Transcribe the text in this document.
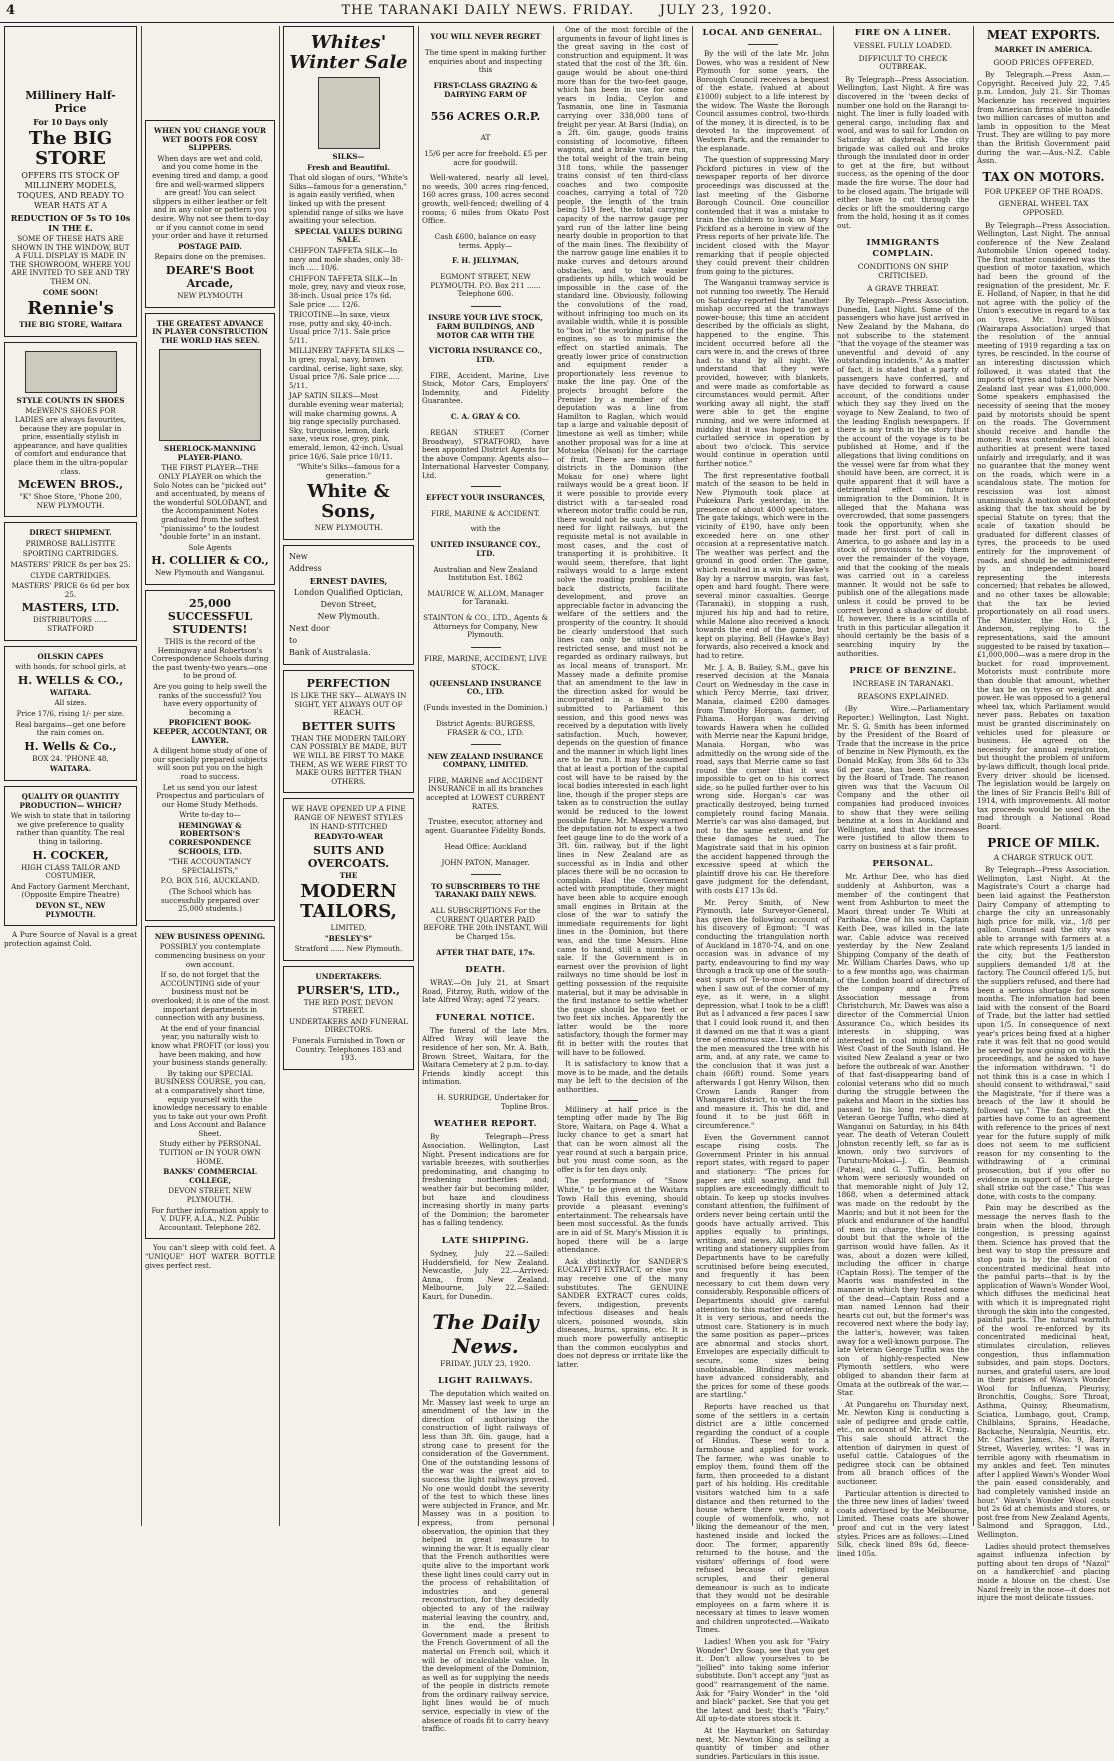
4	THE TARANAKI DAILY NEWS. FRIDAY. JULY 23, 1920.

Millinery Half-Price

For 10 Days only

The BIG STORE

OFFERS ITS STOCK OF MILLINERY MODELS, TOQUES, AND READY TO WEAR HATS AT A

REDUCTION OF 5s TO 10s IN THE £.

SOME OF THESE HATS ARE SHOWN IN THE WINDOW, BUT A FULL DISPLAY IS MADE IN THE SHOWROOM, WHERE YOU ARE INVITED TO SEE AND TRY THEM ON.

COME SOON!

Rennie's

THE BIG STORE, Waitara

STYLE COUNTS IN SHOES

McEWEN'S SHOES FOR LADIES are always favourites, because they are popular in price, essentially stylish in appearance, and have qualities of comfort and endurance that place them in the ultra-popular class.

McEWEN BROS.,

"K" Shoe Store, 'Phone 200, NEW PLYMOUTH.

DIRECT SHIPMENT.

PRIMROSE BALLISTITE

SPORTING CARTRIDGES.

MASTERS' PRICE 8s per box 25.

CLYDE CARTRIDGES.

MASTERS' PRICE 6s 6d per box 25.

MASTERS, LTD.

DISTRIBUTORS ...... STRATFORD

OILSKIN CAPES

with hoods, for school girls, at

H. WELLS & CO.,

WAITARA.

All sizes.

Price 17/6, rising 1/- per size.

Real bargains—get one before the rain comes on.

H. Wells & Co.,

BOX 24. 'PHONE 48,

WAITARA.

QUALITY OR QUANTITY PRODUCTION— WHICH?

We wish to state that in tailoring we give preference to quality rather than quantity. The real thing in tailoring.

H. COCKER,

HIGH CLASS TAILOR AND COSTUMIER,

And Factory Garment Merchant, (Opposite Empire Theatre)

DEVON ST., NEW PLYMOUTH.

A Pure Source of Naval is a great protection against Cold.

WHEN YOU CHANGE YOUR WET BOOTS FOR COSY SLIPPERS.

When days are wet and cold, and you come home in the evening tired and damp, a good fire and well-warmed slippers are great! You can select slippers in either leather or felt and in any color or pattern you desire. Why not see them to-day or if you cannot come in send your order and have it returned

POSTAGE PAID.

Repairs done on the premises.

DEARE'S Boot Arcade,

NEW PLYMOUTH

THE GREATEST ADVANCE IN PLAYER CONSTRUCTION THE WORLD HAS SEEN.

SHERLOCK-MANNING PLAYER-PIANO.

THE FIRST PLAYER—THE ONLY PLAYER on which the Solo Notes can be "picked out" and accentuated, by means of the wonderful SOLODANT, and the Accompaniment Notes graduated from the softest "pianissimo" to the loudest "double forte" in an instant.

Sole Agents

H. COLLIER & CO.,

New Plymouth and Wanganui.

25,000 SUCCESSFUL STUDENTS!

THIS is the record of the Hemingway and Robertson's Correspondence Schools during the past twenty-two years—one to be proud of.

Are you going to help swell the ranks of the successful? You have every opportunity of becoming a

PROFICIENT BOOK-KEEPER, ACCOUNTANT, OR LAWYER.

A diligent home study of one of our specially prepared subjects will soon put you on the high road to success.

Let us send you our latest Prospectus and particulars of our Home Study Methods.

Write to-day to—

HEMINGWAY & ROBERTSON'S CORRESPONDENCE SCHOOLS, LTD.

"THE ACCOUNTANCY SPECIALISTS,"

P.O. BOX 516, AUCKLAND.

(The School which has successfully prepared over 25,000 students.)

NEW BUSINESS OPENING.

POSSIBLY you contemplate commencing business on your own account.

If so, do not forget that the ACCOUNTING side of your business must not be overlooked; it is one of the most important departments in connection with any business.

At the end of your financial year, you naturally wish to know what PROFIT (or loss) you have been making, and how your business stands generally.

By taking our SPECIAL BUSINESS COURSE, you can, at a comparatively short time, equip yourself with the knowledge necessary to enable you to take out your own Profit and Loss Account and Balance Sheet.

Study either by PERSONAL TUITION or IN YOUR OWN HOME.

BANKS' COMMERCIAL COLLEGE,

DEVON STREET, NEW PLYMOUTH.

For further information apply to V. DUFF, A.I.A., N.Z. Public Accountant. Telephone 282.

You can't sleep with cold feet. A "UNIQUE" HOT WATER BOTTLE gives perfect rest.

Whites' Winter Sale

SILKS—

Fresh and Beautiful.

That old slogan of ours, "White's Silks—famous for a generation," is again easily verified, when linked up with the present splendid range of silks we have awaiting your selection.

SPECIAL VALUES DURING SALE.

CHIFFON TAFFETA SILK—In navy and mole shades, only 38-inch ..... 10/6.

CHIFFON TAFFETA SILK—In mole, grey, navy and vieux rose, 38-inch. Usual price 17s 6d. Sale price ..... 12/6.

TRICOTINE—In saxe, vieux rose, putty and sky, 40-inch. Usual price 7/11. Sale price 5/11.

MILLINERY TAFFETA SILKS —In grey, royal, navy, brown cardinal, cerise, light saxe, sky. Usual price 7/6. Sale price ..... 5/11.

JAP SATIN SILKS—Most durable evening wear material; will make charming gowns. A big range specially purchased. Sky, turquoise, lemon, dark saxe, vieux rose, grey, pink, emerald, lemon, 42-inch. Usual price 16/6. Sale price 10/11.

"White's Silks—famous for a generation."

White & Sons,

NEW PLYMOUTH.

New

Address

ERNEST DAVIES,

London Qualified Optician,

Devon Street,

New Plymouth.

Next door

to

Bank of Australasia.

PERFECTION

IS LIKE THE SKY— ALWAYS IN SIGHT, YET ALWAYS OUT OF REACH.

BETTER SUITS

THAN THE MODERN TAILORY CAN POSSIBLY BE MADE, BUT WE WILL BE FIRST TO MAKE THEM, AS WE WERE FIRST TO MAKE OURS BETTER THAN OTHERS.

WE HAVE OPENED UP A FINE RANGE OF NEWEST STYLES IN HAND-STITCHED

READY-TO-WEAR

SUITS AND OVERCOATS.

THE

MODERN TAILORS,

LIMITED,

"BESLEY'S"

Stratford ...... New Plymouth.

UNDERTAKERS.

PURSER'S, LTD.,

THE RED POST, DEVON STREET.

UNDERTAKERS AND FUNERAL DIRECTORS.

Funerals Furnished in Town or Country. Telephones 183 and 193.

YOU WILL NEVER REGRET

The time spent in making further enquiries about and inspecting this

FIRST-CLASS GRAZING & DAIRYING FARM OF

556 ACRES O.R.P.

AT

15/6 per acre for freehold. £5 per acre for goodwill.

Well-watered, nearly all level, no weeds, 300 acres ring-fenced, 160 acres grass, 100 acres second growth, well-fenced; dwelling of 4 rooms; 6 miles from Okato Post Office.

Cash £600, balance on easy terms. Apply—

F. H. JELLYMAN,

EGMONT STREET, NEW PLYMOUTH. P.O. Box 211 ...... Telephone 606.

INSURE YOUR LIVE STOCK, FARM BUILDINGS, AND MOTOR CAR WITH THE

VICTORIA INSURANCE CO., LTD.

FIRE, Accident, Marine, Live Stock, Motor Cars, Employers' Indemnity, and Fidelity Guarantee.

C. A. GRAY & CO.

REGAN STREET (Corner Broadway), STRATFORD, have been appointed District Agents for the above Company. Agents also—International Harvester Company, Ltd.

EFFECT YOUR INSURANCES,

FIRE, MARINE & ACCIDENT.

with the

UNITED INSURANCE COY., LTD.

Australian and New Zealand Institution Est. 1862

MAURICE W. ALLOM, Manager for Taranaki.

STAINTON & CO., LTD., Agents & Attorneys for Company, New Plymouth.

FIRE, MARINE, ACCIDENT, LIVE STOCK.

QUEENSLAND INSURANCE CO., LTD.

(Funds invested in the Dominion.)

District Agents: BURGESS, FRASER & CO., LTD.

NEW ZEALAND INSURANCE COMPANY, LIMITED.

FIRE, MARINE and ACCIDENT INSURANCE in all its branches accepted at LOWEST CURRENT RATES.

Trustee, executor, attorney and agent. Guarantee Fidelity Bonds.

Head Office: Auckland

JOHN PATON, Manager.

TO SUBSCRIBERS TO THE TARANAKI DAILY NEWS.

ALL SUBSCRIPTIONS For the CURRENT QUARTER PAID BEFORE THE 20th INSTANT, Will be Charged 15s.

AFTER THAT DATE, 17s.

DEATH.

WRAY.—On July 21, at Smart Road, Fitzroy, Ruth, widow of the late Alfred Wray; aged 72 years.

FUNERAL NOTICE.

The funeral of the late Mrs. Alfred Wray will leave the residence of her son, Mr. A. Bath, Brown Street, Waitara, for the Waitara Cemetery at 2 p.m. to-day. Friends kindly accept this intimation.

H. SURRIDGE, Undertaker for Topline Bros.

WEATHER REPORT.

By Telegraph—Press Association. Wellington, Last Night. Present indications are for variable breezes, with southerlies predominating, and changing to freshening northerlies and; weather fair but becoming milder, but haze and cloudiness increasing shortly in many parts of the Dominion; the barometer has a falling tendency.

LATE SHIPPING.

Sydney, July 22.—Sailed: Huddersfield, for New Zealand. Newcastle, July 22.—Arrived: Anna, from New Zealand. Melbourne, July 22.—Sailed: Kauri, for Dunedin.

The Daily News.

FRIDAY, JULY 23, 1920.

LIGHT RAILWAYS.

The deputation which waited on Mr. Massey last week to urge an amendment of the law in the direction of authorising the construction of light railways of less than 3ft. 6in. gauge, had a strong case to present for the consideration of the Government. One of the outstanding lessons of the war was the great aid to success the light railways proved. No one would doubt the severity of the test to which these lines were subjected in France, and Mr. Massey was in a position to express, from personal observation, the opinion that they helped in great measure to winning the war. It is equally clear that the French authorities were quite alive to the important work these light lines could carry out in the process of rehabilitation of industries and general reconstruction, for they decidedly objected to any of the railway material leaving the country, and, in the end, the British Government made a present to the French Government of all the material on French soil, which it will be of incalculable value. In the development of the Dominion, as well as for supplying the needs of the people in districts remote from the ordinary railway service, light lines would be of much service, especially in view of the absence of roads fit to carry heavy traffic.

One of the most forcible of the arguments in favour of light lines is the great saving in the cost of construction and equipment. It was stated that the cost of the 3ft. 6in. gauge would be about one-third more than for the two-feet gauge, which has been in use for some years in India, Ceylon and Tasmania, one line in Tasmania carrying over 338,000 tons of freight per year. At Barsi (India), on a 2ft. 6in. gauge, goods trains consisting of locomotive, fifteen wagons, and a brake van, are run, the total weight of the train being 318 tons, while the passenger trains consist of ten third-class coaches and two composite coaches, carrying a total of 720 people, the length of the train being 519 feet, the total carrying capacity of the narrow gauge per yard run of the latter line being nearly double in proportion to that of the main lines. The flexibility of the narrow gauge line enables it to make curves and detours around obstacles, and to take easier gradients up hills, which would be impossible in the case of the standard line. Obviously, following the convolutions of the road, without infringing too much on its available width, while it is possible to "box in" the working parts of the engines, so as to minimise the effect on startled animals. The greatly lower price of construction and equipment render a proportionately less revenue to make the line pay. One of the projects brought before the Premier by a member of the deputation was a line from Hamilton to Raglan, which would tap a large and valuable deposit of limestone as well as timber; while another proposal was for a line at Motueka (Nelson) for the carriage of fruit. There are many other districts in the Dominion (the Mokau for one) where light railways would be a great boon. If it were possible to provide every district with a tar-sealed road whereon motor traffic could be run, there would not be such an urgent need for light railways, but the requisite metal is not available in most cases, and the cost of transporting it is prohibitive. It would seem, therefore, that light railways would to a large extent solve the roading problem in the back districts, facilitate development, and prove an appreciable factor in advancing the welfare of the settlers and the prosperity of the country. It should be clearly understood that such lines can only be utilised in a restricted sense, and must not be regarded as ordinary railways, but as local means of transport. Mr. Massey made a definite promise that an amendment to the law in the direction asked for would be incorporated in a Bill to be submitted to Parliament this session, and this good news was received by a deputation with lively satisfaction. Much, however, depends on the question of finance and the manner in which light lines are to be run. It may be assumed that at least a portion of the capital cost will have to be raised by the local bodies interested in each light line, though if the proper steps are taken as to construction the outlay would be reduced to the lowest possible figure. Mr. Massey warned the deputation not to expect a two feet gauge line to do the work of a 3ft. 6in. railway, but if the light lines in New Zealand are as successful as in India and other places there will be no occasion to complain. Had the Government acted with promptitude, they might have been able to acquire enough small engines in Britain at the close of the war to satisfy the immediate requirements for light lines in the Dominion, but there was, and the time Messrs. Hine came to hand, still a number on sale. If the Government is in earnest over the provision of light railways no time should be lost in getting possession of the requisite material, but it may be advisable in the first instance to settle whether the gauge should be two feet or two feet six inches. Apparently the latter would be the more satisfactory, though the former may fit in better with the routes that will have to be followed.

It is satisfactory to know that a move is to be made, and the details may be left to the decision of the authorities.

Millinery at half price is the tempting offer made by The Big Store, Waitara, on Page 4. What a lucky chance to get a smart hat that can be worn almost all the year round at such a bargain price, but you must come soon, as the offer is for ten days only.

The performance of "Snow White," to be given at the Waitara Town Hall this evening, should provide a pleasant evening's entertainment. The rehearsals have been most successful. As the funds are in aid of St. Mary's Mission it is hoped there will be a large attendance.

Ask distinctly for SANDER'S EUCALYPTI EXTRACT, or else you may receive one of the many substitutes. The GENUINE SANDER EXTRACT cures colds, fevers, indigestion, prevents infectious diseases and heals ulcers, poisoned wounds, skin diseases, burns, sprains, etc. It is much more powerfully antiseptic than the common eucalyptus and does not depress or irritate like the latter.

LOCAL AND GENERAL.

By the will of the late Mr. John Dowes, who was a resident of New Plymouth for some years, the Borough Council receives a bequest of the estate, (valued at about £1000) subject to a life interest by the widow. The Waste the Borough Council assumes control, two-thirds of the money, it is directed, is to be devoted to the improvement of Western Park, and the remainder to the esplanade.

The question of suppressing Mary Pickford pictures in view of the newspaper reports of her divorce proceedings was discussed at the last meeting of the Gisborne Borough Council. One councillor contended that it was a mistake to train the children to look on Mary Pickford as a heroine in view of the Press reports of her private life. The incident closed with the Mayor remarking that if people objected they could prevent their children from going to the pictures.

The Wanganui tramway service is not running too sweetly. The Herald on Saturday reported that "another mishap occurred at the tramways power-house; this time an accident described by the officials as slight, happened to the engine. This incident occurred before all the cars were in, and the crews of three had to stand by all night. We understand that they were provided, however, with blankets, and were made as comfortable as circumstances would permit. After working away all night, the staff were able to get the engine running, and we were informed at midday that it was hoped to get a curtailed service in operation by about two o'clock. This service would continue in operation until further notice."

The first representative football match of the season to be held in New Plymouth took place at Pukekura Park yesterday, in the presence of about 4000 spectators. The gate takings, which were in the vicinity of £190, have only been exceeded here on one other occasion at a representative match. The weather was perfect and the ground in good order. The game, which resulted in a win for Hawke's Bay by a narrow margin, was fast, open and hard fought. There were several minor casualties. George (Taranaki), in stopping a rush, injured his hip and had to retire, while Malone also received a knock towards the end of the game, but kept on playing. Bell (Hawke's Bay) forwards, also received a knock and had to retire.

Mr. J. A. B. Bailey, S.M., gave his reserved decision at the Manaia Court on Wednesday in the case in which Percy Merrie, taxi driver, Manaia, claimed £200 damages from Timothy Horgan, farmer, of Pihama. Horgan was driving towards Hawera when he collided with Merrie near the Kapuni bridge, Manaia. Horgan, who was admittedly on the wrong side of the road, says that Merrie came so fast round the corner that it was impossible to get on to his correct side, so he pulled further over to his wrong side. Horgan's car was practically destroyed, being turned completely round facing Manaia. Merrie's car was also damaged, but not to the same extent, and for these damages he sued. The Magistrate said that in his opinion the accident happened through the excessive speed at which the plaintiff drove his car. He therefore gave judgment for the defendant, with costs £17 13s 6d.

Mr. Percy Smith, of New Plymouth, late Surveyor-General, has given the following account of his discovery of Egmont: "I was conducting the triangulation north of Auckland in 1870-74, and on one occasion was in advance of my party, endeavouring to find my way through a track up one of the south-east spurs of Te-to-moe Mountain, when I saw out of the corner of my eye, as it were, in a slight depression, what I took to be a cliff! But as I advanced a few paces I saw that I could look round it, and then it dawned on me that it was a giant tree of enormous size. I think one of the men measured the tree with his arm, and, at any rate, we came to the conclusion that it was just a chain (66ft) round. Some years afterwards I got Henry Wilson, then Crown Lands Ranger from Whangarei district, to visit the tree and measure it. This he did, and found it to be just 66ft in circumference."

Even the Government cannot escape rising costs. The Government Printer in his annual report states, with regard to paper and stationery: "The prices for paper are still soaring, and full supplies are exceedingly difficult to obtain. To keep up stocks involves constant attention, the fulfilment of orders never being certain until the goods have actually arrived. This applies equally to printings, writings, and news. All orders for writing and stationery supplies from Departments have to be carefully scrutinised before being executed, and frequently it has been necessary to cut them down very considerably. Responsible officers of Departments should give careful attention to this matter of ordering. It is very serious, and needs the utmost care. Stationery is in much the same position as paper—prices are abnormal and stocks short. Envelopes are especially difficult to secure, some sizes being unobtainable. Binding materials have advanced considerably, and the prices for some of these goods are startling."

Reports have reached us that some of the settlers in a certain district are a little concerned regarding the conduct of a couple of Hindus. These went to a farmhouse and applied for work. The farmer, who was unable to employ them, found them off the farm, then proceeded to a distant part of his holding. His creditable visitors watched him to a safe distance and then returned to the house where there were only a couple of womenfolk, who, not liking the demeanour of the men, hastened inside and locked the door. The former, apparently returned to the house, and the visitors' offerings of food were refused because of religious scruples, and their general demeanour is such as to indicate that they would not be desirable employees on a farm where it is necessary at times to leave women and children unprotected.—Waikato Times.

Ladies! When you ask for "Fairy Wonder" Dry Soap, see that you get it. Don't allow yourselves to be "jollied" into taking some inferior substitute. Don't accept any "just as good" rearrangement of the name. Ask for "Fairy Wonder" in the "old and black" packet. See that you get the latest and best; that's "Fairy." All up-to-date stores stock it.

At the Haymarket on Saturday next, Mr. Newton King is selling a quantity of timber and other sundries. Particulars in this issue.

FIRE ON A LINER.

VESSEL FULLY LOADED.

DIFFICULT TO CHECK OUTBREAK.

By Telegraph—Press Association. Wellington, Last Night. A fire was discovered in the 'tween decks of number one hold on the Rarangi to-night. The liner is fully loaded with general cargo, including flax and wool, and was to sail for London on Saturday at daybreak. The city brigade was called out and broke through the insulated door in order to get at the fire, but without success, as the opening of the door made the fire worse. The door had to be closed again. The brigade will either have to cut through the decks or lift the smouldering cargo from the hold, hosing it as it comes out.

IMMIGRANTS COMPLAIN.

CONDITIONS ON SHIP CRITICISED.

A GRAVE THREAT.

By Telegraph—Press Association. Dunedin, Last Night. Some of the passengers who have just arrived in New Zealand by the Mahana, do not subscribe to the statement "that the voyage of the steamer was uneventful and devoid of any outstanding incidents." As a matter of fact, it is stated that a party of passengers have conferred, and have decided to forward a cause account, of the conditions under which they say they lived on the voyage to New Zealand, to two of the leading English newspapers. If there is any truth in the story that the account of the voyage is to be published at Home, and if the allegations that living conditions on the vessel were far from what they should have been, are correct, it is quite apparent that it will have a detrimental effect on future immigration to the Dominion. It is alleged that the Mahana was overcrowded, that some passengers took the opportunity, when she made her first port of call in America, to go ashore and lay in a stock of provisions to help them over the remainder of the voyage, and that the cooking of the meals was carried out in a careless manner. It would not be safe to publish one of the allegations made unless it could be proved to be correct beyond a shadow of doubt. If, however, there is a scintilla of truth in this particular allegation it should certainly be the basis of a searching inquiry by the authorities.

PRICE OF BENZINE.

INCREASE IN TARANAKI.

REASONS EXPLAINED.

(By Wire.—Parliamentary Reporter.) Wellington, Last Night. Mr. S. G. Smith has been informed by the President of the Board of Trade that the increase in the price of benzine in New Plymouth, ex the Donald McKay, from 38s 6d to 33s 6d per case, has been sanctioned by the Board of Trade. The reason given was that the Vacuum Oil Company and the other oil companies had produced invoices to show that they were selling benzine at a loss in Auckland and Wellington, and that the increases were justified to allow them to carry on business at a fair profit.

PERSONAL.

Mr. Arthur Dee, who has died suddenly at Ashburton, was a member of the contingent that went from Ashburton to meet the Maori threat under Te Whiti at Parihaka. One of his sons, Captain Keith Dee, was killed in the late war. Cable advice was received yesterday by the New Zealand Shipping Company of the death of Mr. William Charles Daws, who up to a few months ago, was chairman of the London board of directors of the company and a Press Association message from Christchurch, Mr. Dawes was also a director of the Commercial Union Assurance Co., which besides its interests in shipping, was interested in coal mining on the West Coast of the South Island. He visited New Zealand a year or two before the outbreak of war. Another of that fast-disappearing band of colonial veterans who did so much during the struggle between the pakeha and Maori in the sixties has passed to his long rest—namely, Veteran George Tuffin, who died at Wanganui on Saturday, in his 84th year. The death of Veteran Coulett Johnston recently left, so far as is known, only two survivors of Turuturu-Mokai—J. G. Beamish (Patea), and G. Tuffin, both of whom were seriously wounded on that memorable night of July 12, 1868, when a determined attack was made on the redoubt by the Maoris; and but it not been for the pluck and endurance of the handful of men in charge, there is little doubt but that the whole of the garrison would have fallen. As it was, about a dozen were killed, including the officer in charge (Captain Ross). The temper of the Maoris was manifested in the manner in which they treated some of the dead—Captain Ross and a man named Lennon had their hearts cut out, but the former's was recovered next where the body lay; the latter's, however, was taken away for a well-known purpose. The late Veteran George Tuffin was the son of highly-respected New Plymouth settlers, who were obliged to abandon their farm at Omata at the outbreak of the war.—Star.

At Pungarehu on Thursday next, Mr. Newton King is conducting a sale of pedigree and grade cattle, etc., on account of Mr. H. R. Craig. This sale should attract the attention of dairymen in quest of useful cattle. Catalogues of the pedigree stock can be obtained from all branch offices of the auctioneer.

Particular attention is directed to the three new lines of ladies' tweed coats advertised by the Melbourne, Limited. These coats are shower proof and cut in the very latest styles. Prices are as follows:—Lined Silk, check lined 89s 6d, fleece-lined 105s.

MEAT EXPORTS.

MARKET IN AMERICA.

GOOD PRICES OFFERED.

By Telegraph.—Press Assn.—Copyright. Received July 22, 7.45 p.m. London, July 21. Sir Thomas Mackenzie has received inquiries from American firms able to handle two million carcases of mutton and lamb in opposition to the Meat Trust. They are willing to pay more than the British Government paid during the war.—Aus.-N.Z. Cable Assn.

TAX ON MOTORS.

FOR UPKEEP OF THE ROADS.

GENERAL WHEEL TAX OPPOSED.

By Telegraph—Press Association. Wellington, Last Night. The annual conference of the New Zealand Automobile Union opened today. The first matter considered was the question of motor taxation, which had been the ground of the resignation of the president, Mr. F. E. Holland, of Napier, in that he did not agree with the policy of the Union's executive in regard to a tax on tyres. Mr. Ivan Wilson (Wairarapa Association) urged that the resolution of the annual meeting of 1919 regarding a tax on tyres, be rescinded. In the course of an interesting discussion which followed, it was stated that the imports of tyres and tubes into New Zealand last year was £1,000,000. Some speakers emphasised the necessity of seeing that the money paid by motorists should be spent on the roads. The Government should receive and handle the money. It was contended that local authorities at present were taxed unfairly and irregularly, and it was no guarantee that the money went on the roads, which were in a scandalous state. The motion for rescission was lost almost unanimously. A motion was adopted asking that the tax should be by special Statute on tyres; that the scale of taxation should be graduated for different classes of tyres, the proceeds to be used entirely for the improvement of roads, and should be administered by an independent board representing the interests concerned; that rebates be allowed, and no other taxes be allowable; that the tax be levied proportionately on all road users. The Minister, the Hon. G. J. Anderson, replying to the representations, said the amount suggested to be raised by taxation—£1,000,000—was a mere drop in the bucket for road improvement. Motorists must contribute more than double that amount, whether the tax be on tyres or weight and power. He was opposed to a general wheel tax, which Parliament would never pass. Rebates on taxation must be granted discriminately on vehicles used for pleasure or business. He agreed on the necessity for annual registration, but thought the problem of uniform by-laws difficult, though local pride. Every driver should be licensed. The legislation would be largely on the lines of Sir Francis Bell's Bill of 1914, with improvements. All motor tax proceeds would be used on the road through a National Road Board.

PRICE OF MILK.

A CHARGE STRUCK OUT.

By Telegraph—Press Association. Wellington, Last Night. At the Magistrate's Court a charge had been laid against the Featherston Dairy Company of attempting to charge the city an unreasonably high price for milk, viz., 1/8 per gallon. Counsel said the city was able to arrange with farmers at a rate which represents 1/5 landed in the city, but the Featherston suppliers demanded 1/8 at the factory. The Council offered 1/5, but the suppliers refused, and there had been a serious shortage for some months. The information had been laid with the consent of the Board of Trade, but the latter had settled upon 1/5. In consequence of next year's prices being fixed at a higher rate it was felt that no good would be served by now going on with the proceedings, and he asked to have the information withdrawn. "I do not think this is a case in which I should consent to withdrawal," said the Magistrate, "for if there was a breach of the law it should be followed up." The fact that the parties have come to an agreement with reference to the prices of next year for the future supply of milk does not seem to me sufficient reason for my consenting to the withdrawing of a criminal prosecution, but if you offer no evidence in support of the charge I shall strike out the case." This was done, with costs to the company.

Pain may be described as the message the nerves flash to the brain when the blood, through congestion, is pressing against them. Science has proved that the best way to stop the pressure and stop pain is by the diffusion of concentrated medicinal heat into the painful parts—that is by the application of Wawn's Wonder Wool, which diffuses the medicinal heat with which it is impregnated right through the skin into the congested, painful parts. The natural warmth of the wool re-enforced by its concentrated medicinal heat, stimulates circulation, relieves congestion, thus inflammation subsides, and pain stops. Doctors, nurses, and grateful users, are loud in their praises of Wawn's Wonder Wool for Influenza, Pleurisy, Bronchitis, Coughs, Sore Throat, Asthma, Quinsy, Rheumatism, Sciatica, Lumbago, gout, Cramp, Chilblains, Sprains, Headache, Backache, Neuralgia, Neuritis, etc. Mr. Charles James, No. 9, Barry Street, Waverley, writes: "I was in terrible agony with rheumatism in my ankles and feet. Ten minutes after I applied Wawn's Wonder Wool the pain eased considerably, and had completely vanished inside an hour." Wawn's Wonder Wool costs but 2s 6d at chemists and stores, or post free from New Zealand Agents, Salmond and Spraggon, Ltd., Wellington.

Ladies should protect themselves against influenza infection by putting about ten drops of "Nazol" on a handkerchief and placing inside a blouse on the chest. Use Nazol freely in the nose—it does not injure the most delicate tissues.
